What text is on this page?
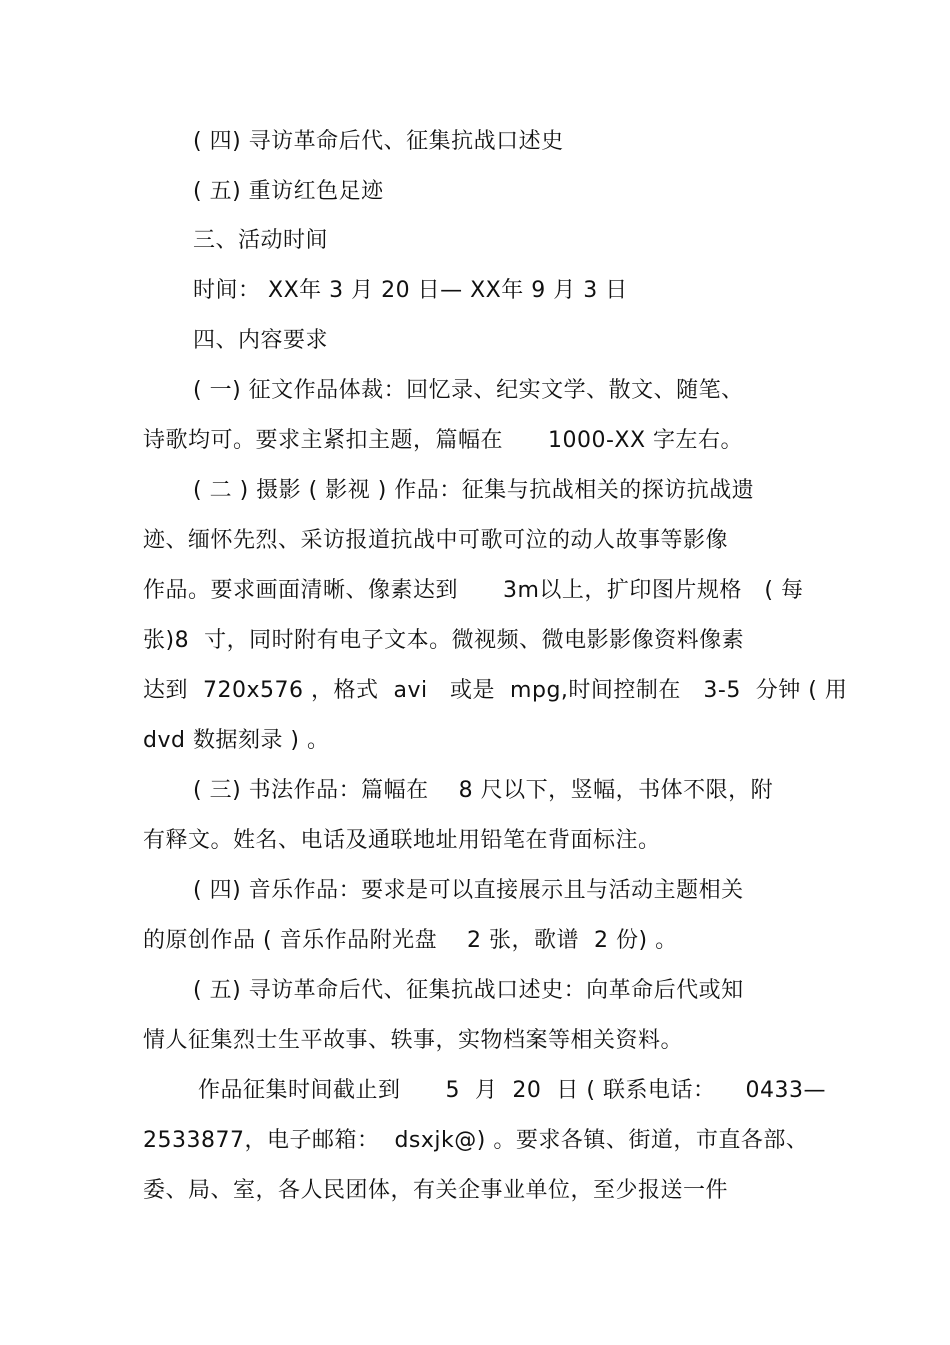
( 四) 寻访革命后代、征集抗战口述史
( 五) 重访红色足迹
三、活动时间
时间： XX年 3 月 20 日— XX年 9 月 3 日
四、内容要求
( 一) 征文作品体裁：回忆录、纪实文学、散文、随笔、
诗歌均可。要求主紧扣主题，篇幅在      1000-XX 字左右。
( 二 ) 摄影 ( 影视 ) 作品：征集与抗战相关的探访抗战遗
迹、缅怀先烈、采访报道抗战中可歌可泣的动人故事等影像
作品。要求画面清晰、像素达到      3m以上，扩印图片规格   ( 每
张)8  寸，同时附有电子文本。微视频、微电影影像资料像素
达到  720x576 ，格式  avi   或是  mpg,时间控制在   3-5  分钟 ( 用
dvd 数据刻录 ) 。
( 三) 书法作品：篇幅在    8 尺以下，竖幅，书体不限，附
有释文。姓名、电话及通联地址用铅笔在背面标注。
( 四) 音乐作品：要求是可以直接展示且与活动主题相关
的原创作品 ( 音乐作品附光盘    2 张，歌谱  2 份) 。
( 五) 寻访革命后代、征集抗战口述史：向革命后代或知
情人征集烈士生平故事、轶事，实物档案等相关资料。
作品征集时间截止到      5  月  20  日 ( 联系电话：    0433—
2533877，电子邮箱：  dsxjk@) 。要求各镇、街道，市直各部、
委、局、室，各人民团体，有关企事业单位，至少报送一件
